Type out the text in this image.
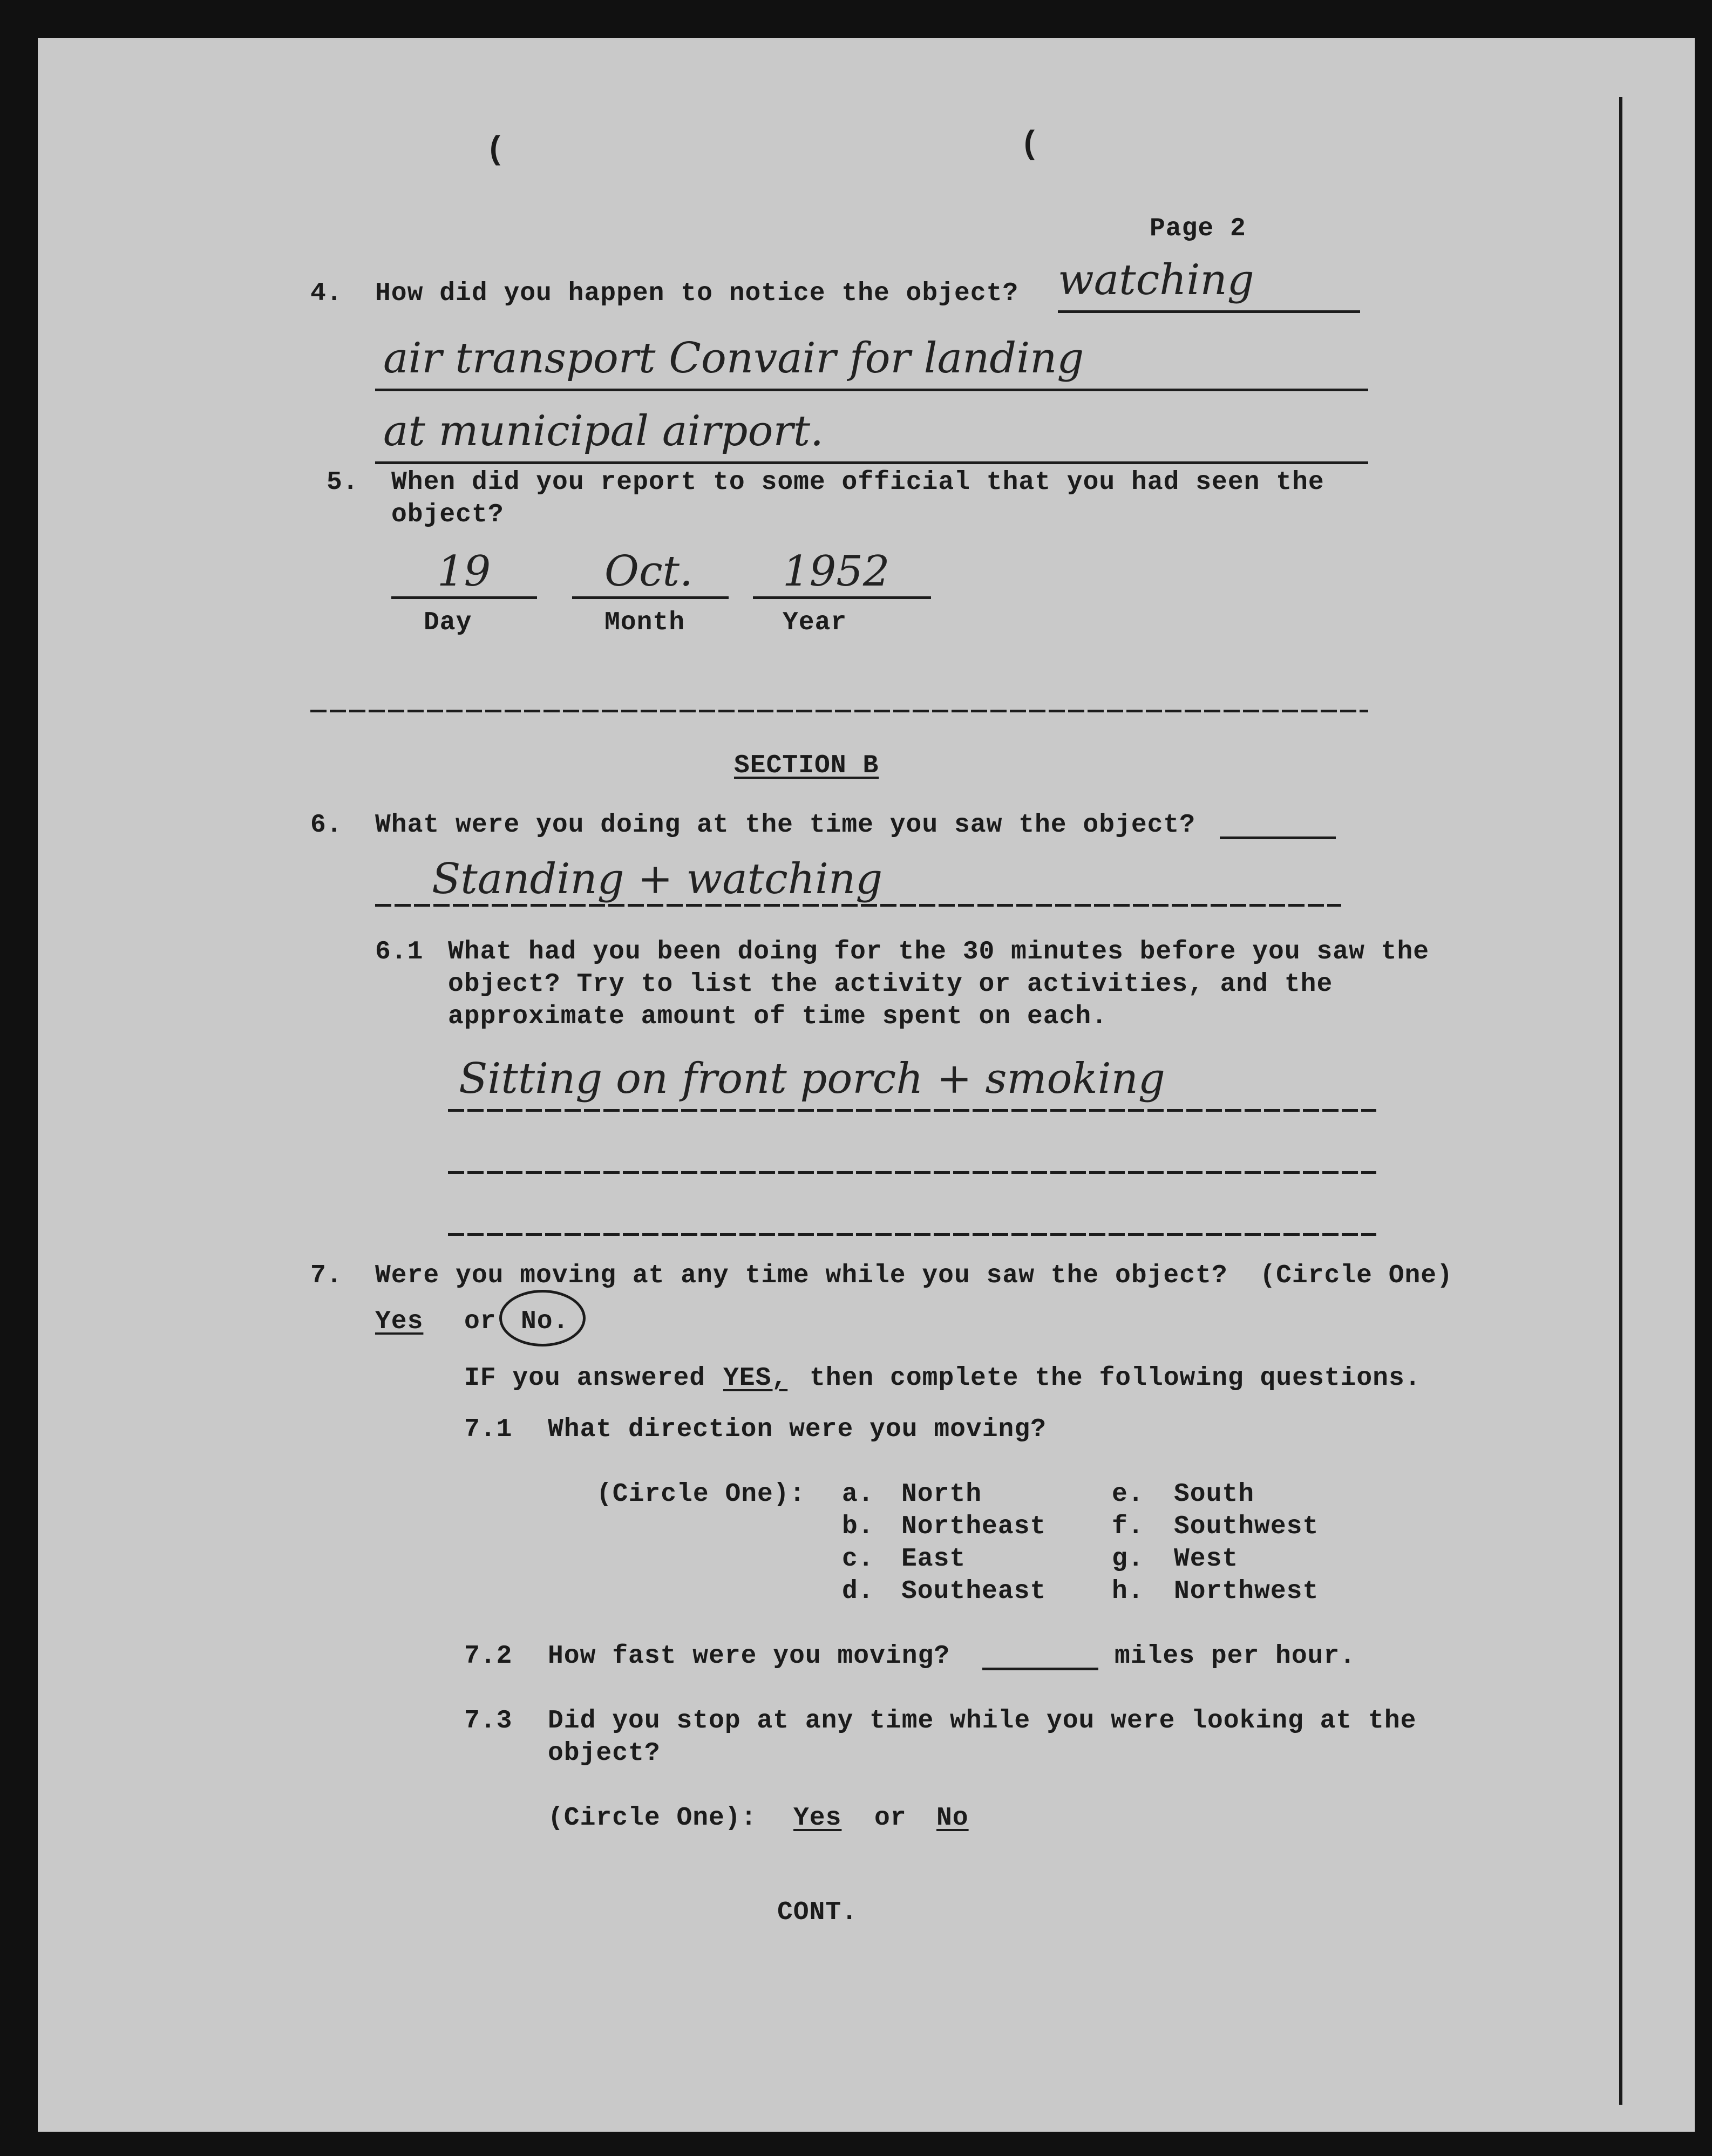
(	(
Page 2
4. How did you happen to notice the object? watching
air transport Convair for landing
at municipal airport.
5. When did you report to some official that you had seen the
object?
19
Day
Oct.
Month
1952
Year
SECTION B
6. What were you doing at the time you saw the object?
Standing + watching
6.1 What had you been doing for the 30 minutes before you saw the
object? Try to list the activity or activities, and the
approximate amount of time spent on each.
Sitting on front porch + smoking
7. Were you moving at any time while you saw the object?  (Circle One)
Yes or No.
IF you answered YES, then complete the following questions.
7.1 What direction were you moving?
(Circle One): a. North
b. Northeast
c. East
d. Southeast
e. South
f. Southwest
g. West
h. Northwest
7.2 How fast were you moving?	miles per hour.
7.3 Did you stop at any time while you were looking at the
object?
(Circle One): Yes or No
CONT.
